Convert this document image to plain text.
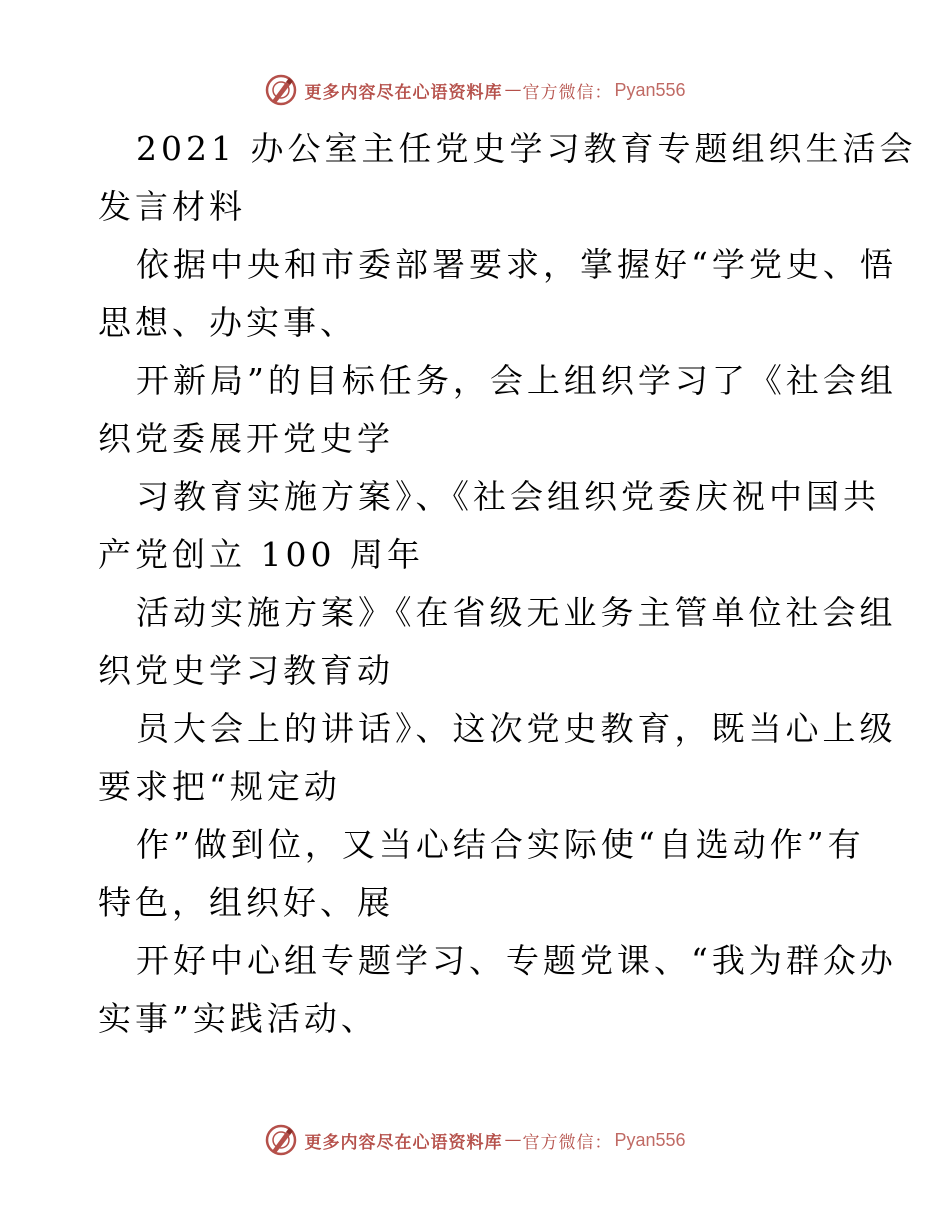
更多内容尽在心语资料库 — 官方微信： Pyan556
2021 办公室主任党史学习教育专题组织生活会
发言材料
依据中央和市委部署要求，掌握好“学党史、悟
思想、办实事、
开新局”的目标任务，会上组织学习了《社会组
织党委展开党史学
习教育实施方案》、《社会组织党委庆祝中国共
产党创立 100 周年
活动实施方案》《在省级无业务主管单位社会组
织党史学习教育动
员大会上的讲话》、这次党史教育，既当心上级
要求把“规定动
作”做到位，又当心结合实际使“自选动作”有
特色，组织好、展
开好中心组专题学习、专题党课、“我为群众办
实事”实践活动、
更多内容尽在心语资料库 — 官方微信： Pyan556
